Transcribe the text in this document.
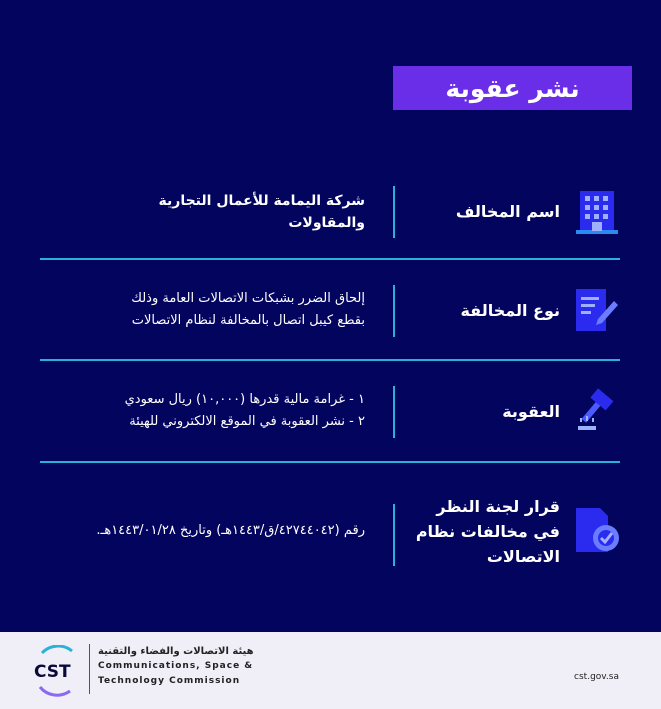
نشر عقوبة
اسم المخالف
شركة اليمامة للأعمال التجارية
والمقاولات
نوع المخالفة
إلحاق الضرر بشبكات الاتصالات العامة وذلك
بقطع كيبل اتصال بالمخالفة لنظام الاتصالات
العقوبة
١ - غرامة مالية قدرها (١٠,٠٠٠) ريال سعودي
٢ - نشر العقوبة في الموقع الالكتروني للهيئة
قرار لجنة النظر في مخالفات نظام الاتصالات
رقم (٤٢٧٤٤٠٤٢/ق/١٤٤٣هـ) وتاريخ ١٤٤٣/٠١/٢٨هـ.
CST
هيئة الاتصالات والفضاء والتقنية
Communications, Space &
Technology Commission	cst.gov.sa
